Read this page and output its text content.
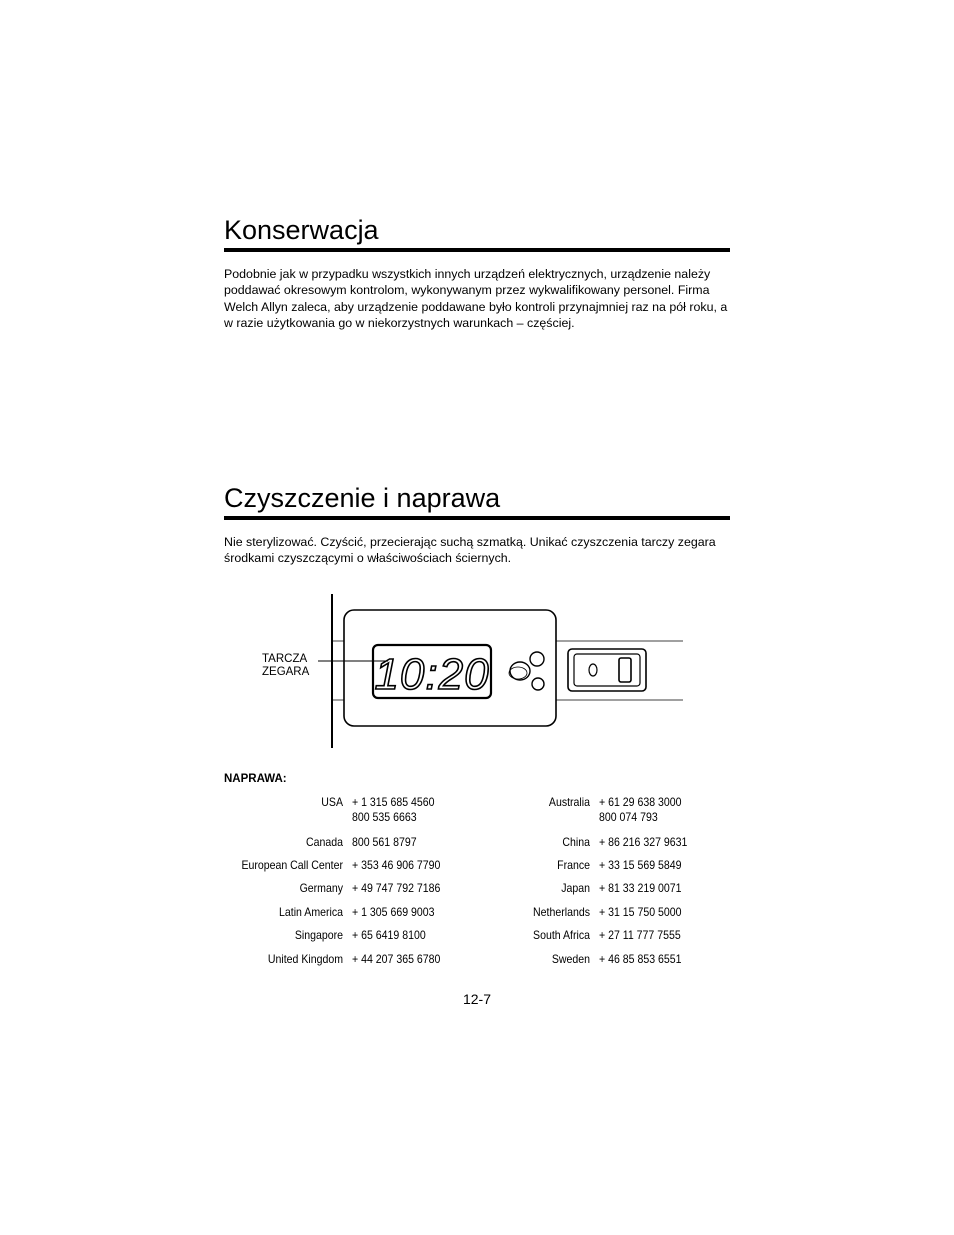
Konserwacja

Podobnie jak w przypadku wszystkich innych urządzeń elektrycznych, urządzenie należy poddawać okresowym kontrolom, wykonywanym przez wykwalifikowany personel. Firma Welch Allyn zaleca, aby urządzenie poddawane było kontroli przynajmniej raz na pół roku, a w razie użytkowania go w niekorzystnych warunkach – częściej.

Czyszczenie i naprawa

Nie sterylizować. Czyścić, przecierając suchą szmatką. Unikać czyszczenia tarczy zegara środkami czyszczącymi o właściwościach ściernych.

10:20
TARCZA
ZEGARA
NAPRAWA:
USA + 1 315 685 4560
800 535 6663
Canada 800 561 8797
European Call Center + 353 46 906 7790
Germany + 49 747 792 7186
Latin America + 1 305 669 9003
Singapore + 65 6419 8100
United Kingdom + 44 207 365 6780
Australia + 61 29 638 3000
800 074 793
China + 86 216 327 9631
France + 33 15 569 5849
Japan + 81 33 219 0071
Netherlands + 31 15 750 5000
South Africa + 27 11 777 7555
Sweden + 46 85 853 6551
12-7
